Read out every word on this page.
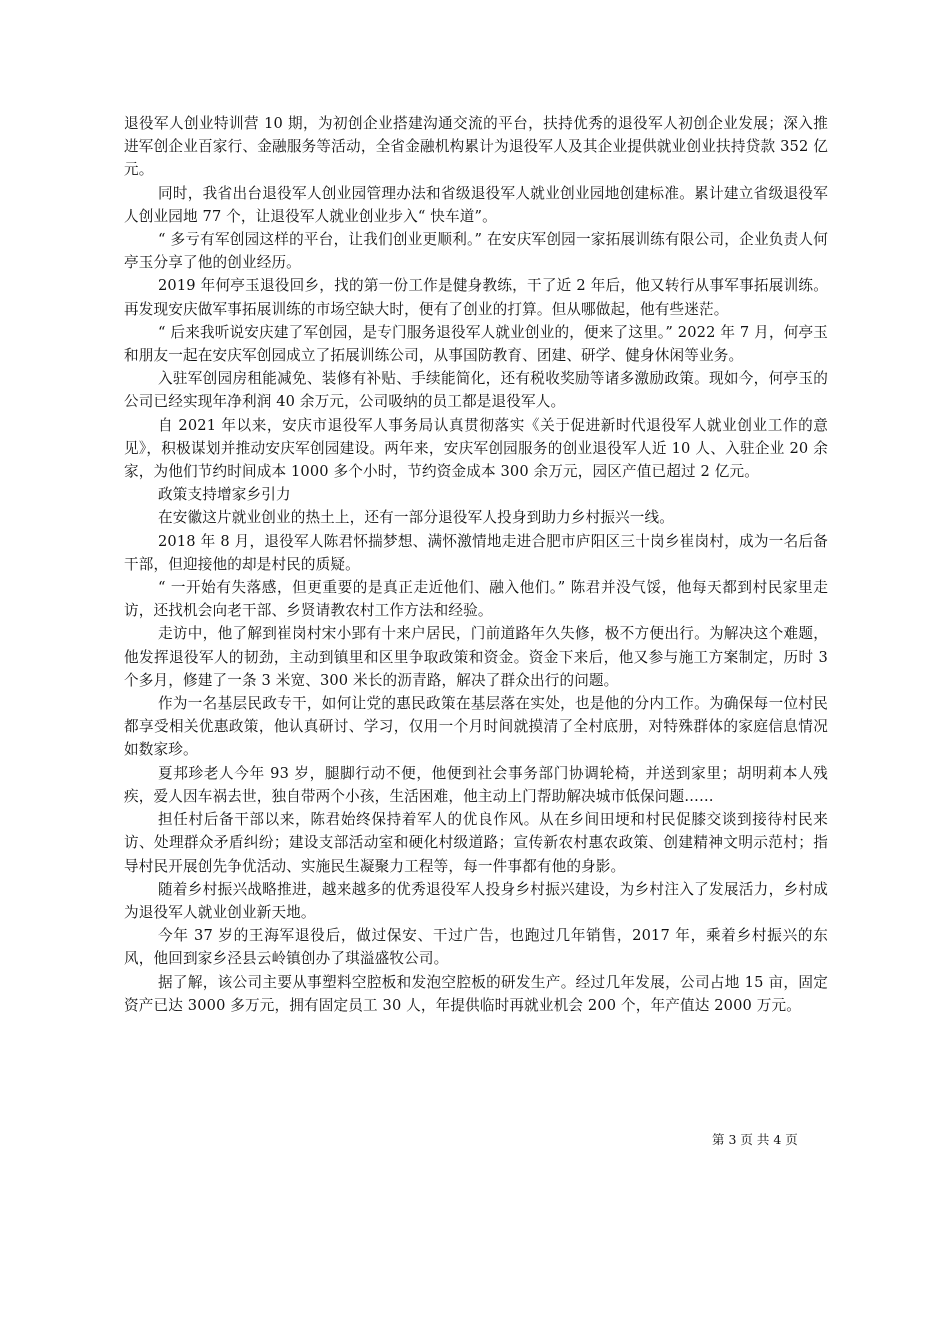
退役军人创业特训营 10 期，为初创企业搭建沟通交流的平台，扶持优秀的退役军人初创企业发展；深入推进军创企业百家行、金融服务等活动，全省金融机构累计为退役军人及其企业提供就业创业扶持贷款 352 亿元。

同时，我省出台退役军人创业园管理办法和省级退役军人就业创业园地创建标准。累计建立省级退役军人创业园地 77 个，让退役军人就业创业步入“ 快车道”。

“ 多亏有军创园这样的平台，让我们创业更顺利。” 在安庆军创园一家拓展训练有限公司，企业负责人何亭玉分享了他的创业经历。

2019 年何亭玉退役回乡，找的第一份工作是健身教练，干了近 2 年后，他又转行从事军事拓展训练。再发现安庆做军事拓展训练的市场空缺大时，便有了创业的打算。但从哪做起，他有些迷茫。

“ 后来我听说安庆建了军创园，是专门服务退役军人就业创业的，便来了这里。” 2022 年 7 月，何亭玉和朋友一起在安庆军创园成立了拓展训练公司，从事国防教育、团建、研学、健身休闲等业务。

入驻军创园房租能减免、装修有补贴、手续能简化，还有税收奖励等诸多激励政策。现如今，何亭玉的公司已经实现年净利润 40 余万元，公司吸纳的员工都是退役军人。

自 2021 年以来，安庆市退役军人事务局认真贯彻落实《关于促进新时代退役军人就业创业工作的意见》，积极谋划并推动安庆军创园建设。两年来，安庆军创园服务的创业退役军人近 10 人、入驻企业 20 余家，为他们节约时间成本 1000 多个小时，节约资金成本 300 余万元，园区产值已超过 2 亿元。

政策支持增家乡引力

在安徽这片就业创业的热土上，还有一部分退役军人投身到助力乡村振兴一线。

2018 年 8 月，退役军人陈君怀揣梦想、满怀激情地走进合肥市庐阳区三十岗乡崔岗村，成为一名后备干部，但迎接他的却是村民的质疑。

“ 一开始有失落感，但更重要的是真正走近他们、融入他们。” 陈君并没气馁，他每天都到村民家里走访，还找机会向老干部、乡贤请教农村工作方法和经验。

走访中，他了解到崔岗村宋小郢有十来户居民，门前道路年久失修，极不方便出行。为解决这个难题，他发挥退役军人的韧劲，主动到镇里和区里争取政策和资金。资金下来后，他又参与施工方案制定，历时 3 个多月，修建了一条 3 米宽、300 米长的沥青路，解决了群众出行的问题。

作为一名基层民政专干，如何让党的惠民政策在基层落在实处，也是他的分内工作。为确保每一位村民都享受相关优惠政策，他认真研讨、学习，仅用一个月时间就摸清了全村底册，对特殊群体的家庭信息情况如数家珍。

夏邦珍老人今年 93 岁，腿脚行动不便，他便到社会事务部门协调轮椅，并送到家里；胡明莉本人残疾，爱人因车祸去世，独自带两个小孩，生活困难，他主动上门帮助解决城市低保问题……

担任村后备干部以来，陈君始终保持着军人的优良作风。从在乡间田埂和村民促膝交谈到接待村民来访、处理群众矛盾纠纷；建设支部活动室和硬化村级道路；宣传新农村惠农政策、创建精神文明示范村；指导村民开展创先争优活动、实施民生凝聚力工程等，每一件事都有他的身影。

随着乡村振兴战略推进，越来越多的优秀退役军人投身乡村振兴建设，为乡村注入了发展活力，乡村成为退役军人就业创业新天地。

今年 37 岁的王海军退役后，做过保安、干过广告，也跑过几年销售，2017 年，乘着乡村振兴的东风，他回到家乡泾县云岭镇创办了琪溢盛牧公司。

据了解，该公司主要从事塑料空腔板和发泡空腔板的研发生产。经过几年发展，公司占地 15 亩，固定资产已达 3000 多万元，拥有固定员工 30 人，年提供临时再就业机会 200 个，年产值达 2000 万元。

第 3 页 共 4 页
